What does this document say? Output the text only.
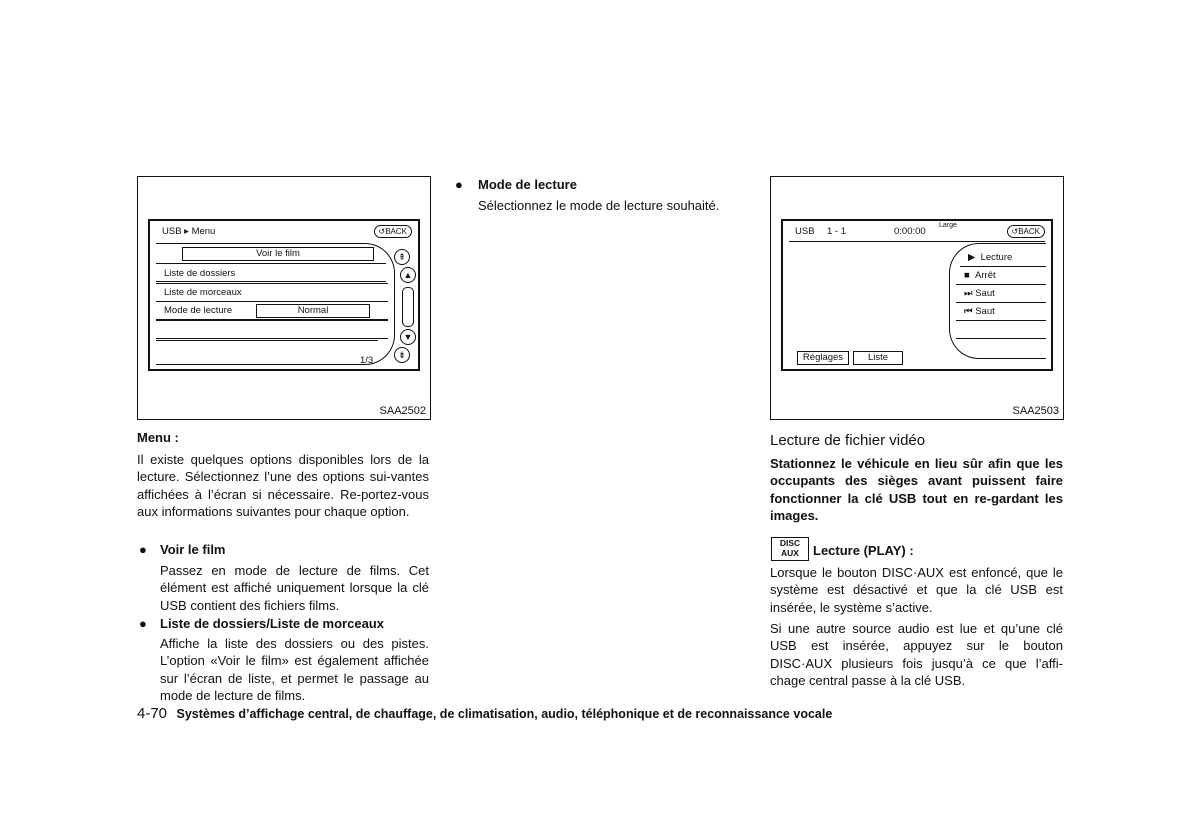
USB ▸ Menu	↺BACK
Voir le film
Liste de dossiers
Liste de morceaux
Mode de lecture	Normal
⇞
▲
▼
⇟
1/3
SAA2502
USB 1 - 1	0:00:00
Large
↺BACK
▶ Lecture
■ Arrêt
⏭ Saut
⏮ Saut
Réglages	Liste
SAA2503
Menu :

Il existe quelques options disponibles lors de la lecture. Sélectionnez l’une des options sui-vantes affichées à l’écran si nécessaire. Re-portez-vous aux informations suivantes pour chaque option.

● Voir le film

Passez en mode de lecture de films. Cet élément est affiché uniquement lorsque la clé USB contient des fichiers films.

● Liste de dossiers/Liste de morceaux

Affiche la liste des dossiers ou des pistes. L’option «Voir le film» est également affichée sur l’écran de liste, et permet le passage au mode de lecture de films.

● Mode de lecture

Sélectionnez le mode de lecture souhaité.

Lecture de fichier vidéo

Stationnez le véhicule en lieu sûr afin que les occupants des sièges avant puissent faire fonctionner la clé USB tout en re-gardant les images.

DISC
AUX	Lecture (PLAY) :

Lorsque le bouton DISC·AUX est enfoncé, que le système est désactivé et que la clé USB est insérée, le système s’active.

Si une autre source audio est lue et qu’une clé USB est insérée, appuyez sur le bouton DISC·AUX plusieurs fois jusqu’à ce que l’affi-chage central passe à la clé USB.

4-70 Systèmes d’affichage central, de chauffage, de climatisation, audio, téléphonique et de reconnaissance vocale
